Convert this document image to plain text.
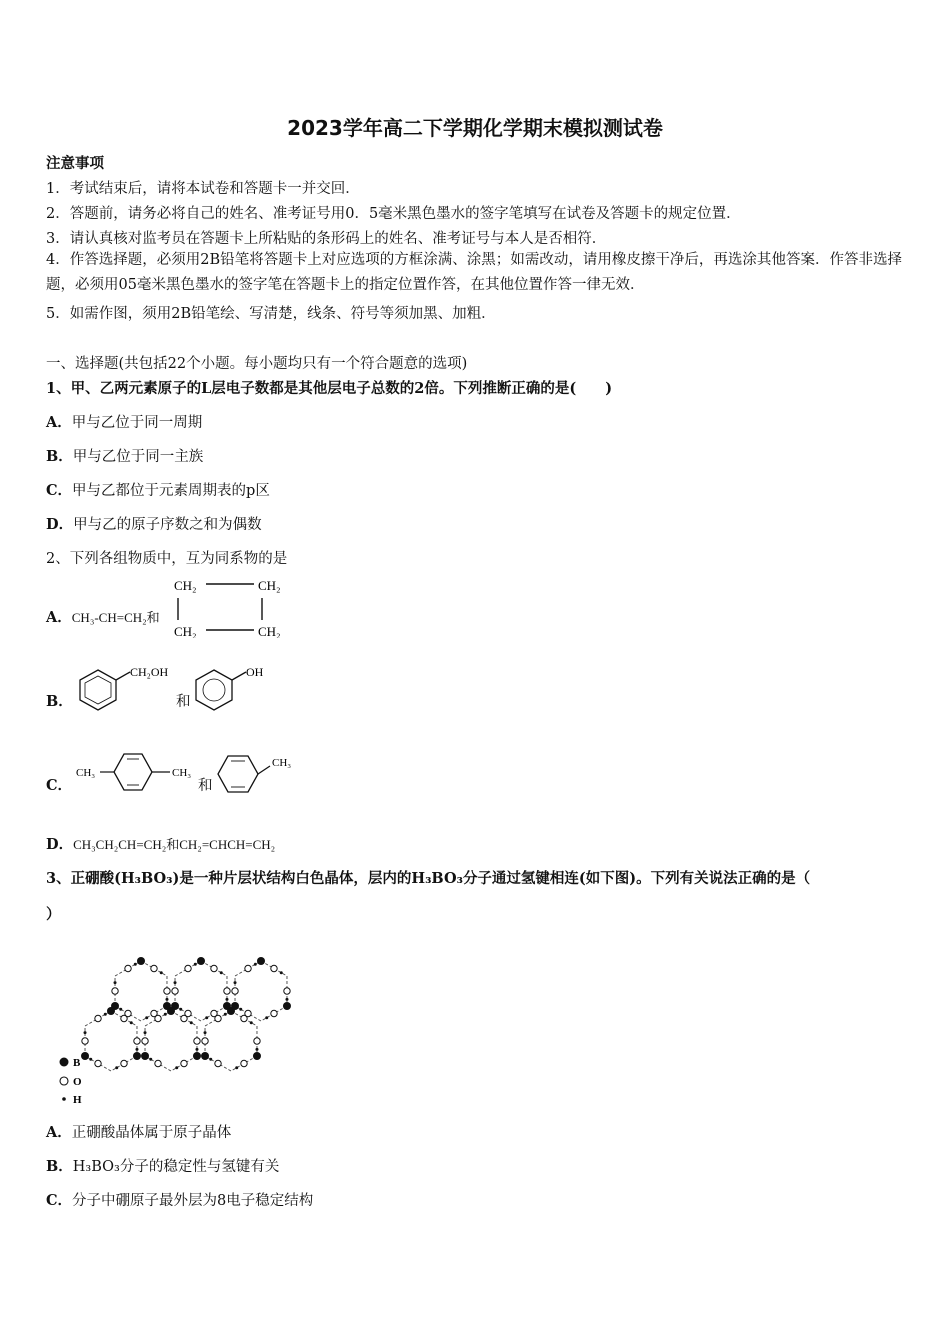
2023学年高二下学期化学期末模拟测试卷
注意事项
1．考试结束后，请将本试卷和答题卡一并交回．
2．答题前，请务必将自己的姓名、准考证号用0．5毫米黑色墨水的签字笔填写在试卷及答题卡的规定位置．
3．请认真核对监考员在答题卡上所粘贴的条形码上的姓名、准考证号与本人是否相符．
4．作答选择题，必须用2B铅笔将答题卡上对应选项的方框涂满、涂黑；如需改动，请用橡皮擦干净后，再选涂其他答案．作答非选择题，必须用05毫米黑色墨水的签字笔在答题卡上的指定位置作答，在其他位置作答一律无效．
5．如需作图，须用2B铅笔绘、写清楚，线条、符号等须加黑、加粗．
一、选择题(共包括22个小题。每小题均只有一个符合题意的选项)
1、甲、乙两元素原子的L层电子数都是其他层电子总数的2倍。下列推断正确的是(　　)
A．甲与乙位于同一周期
B．甲与乙位于同一主族
C．甲与乙都位于元素周期表的p区
D．甲与乙的原子序数之和为偶数
2、下列各组物质中，互为同系物的是
A．CH₃-CH=CH₂和
CH₂	CH₂
CH₂	CH₂
B．
CH₂OH
和
OH
C．
CH₃	CH₃
和
CH₃
D．CH₃CH₂CH=CH₂和CH₂=CHCH=CH₂
3、正硼酸(H₃BO₃)是一种片层状结构白色晶体，层内的H₃BO₃分子通过氢键相连(如下图)。下列有关说法正确的是（
）
B
O
H
A．正硼酸晶体属于原子晶体
B．H₃BO₃分子的稳定性与氢键有关
C．分子中硼原子最外层为8电子稳定结构
